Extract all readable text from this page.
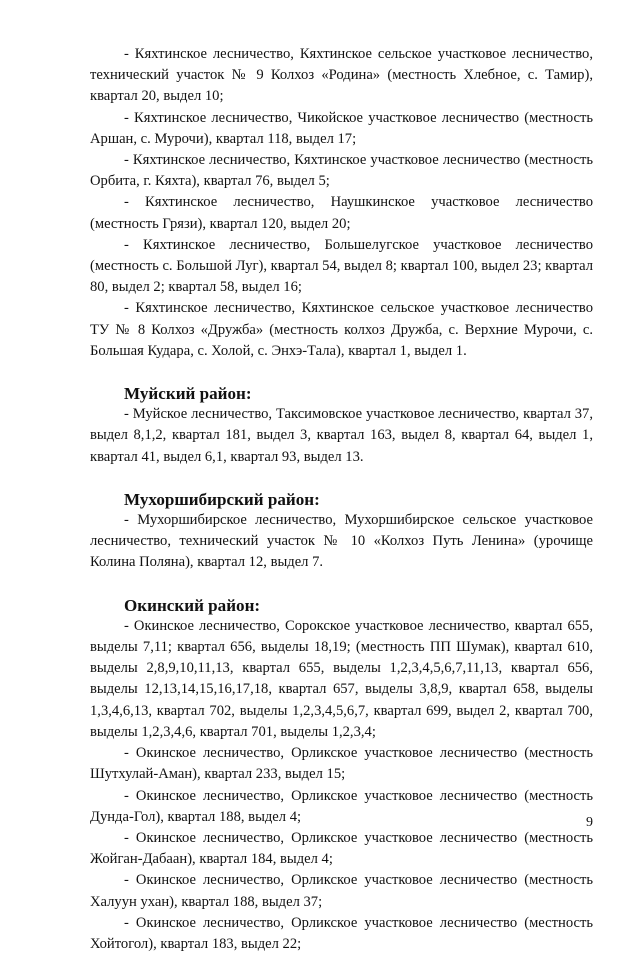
- Кяхтинское лесничество, Кяхтинское сельское участковое лесничество, технический участок № 9 Колхоз «Родина» (местность Хлебное, с. Тамир), квартал 20, выдел 10;

- Кяхтинское лесничество, Чикойское участковое лесничество (местность Аршан, с. Мурочи), квартал 118, выдел 17;

- Кяхтинское лесничество, Кяхтинское участковое лесничество (местность Орбита, г. Кяхта), квартал 76, выдел 5;

- Кяхтинское лесничество, Наушкинское участковое лесничество (местность Грязи), квартал 120, выдел 20;

- Кяхтинское лесничество, Большелугское участковое лесничество (местность с. Большой Луг), квартал 54, выдел 8; квартал 100, выдел 23; квартал 80, выдел 2; квартал 58, выдел 16;

- Кяхтинское лесничество, Кяхтинское сельское участковое лесничество ТУ № 8 Колхоз «Дружба» (местность колхоз Дружба, с. Верхние Мурочи, с. Большая Кудара, с. Холой, с. Энхэ-Тала), квартал 1, выдел 1.

Муйский район:

- Муйское лесничество, Таксимовское участковое лесничество, квартал 37, выдел 8,1,2, квартал 181, выдел 3, квартал 163, выдел 8, квартал 64, выдел 1, квартал 41, выдел 6,1, квартал 93, выдел 13.

Мухоршибирский район:

- Мухоршибирское лесничество, Мухоршибирское сельское участковое лесничество, технический участок № 10 «Колхоз Путь Ленина» (урочище Колина Поляна), квартал 12, выдел 7.

Окинский район:

- Окинское лесничество, Сорокское участковое лесничество, квартал 655, выделы 7,11; квартал 656, выделы 18,19; (местность ПП Шумак), квартал 610, выделы 2,8,9,10,11,13, квартал 655, выделы 1,2,3,4,5,6,7,11,13, квартал 656, выделы 12,13,14,15,16,17,18, квартал 657, выделы 3,8,9, квартал 658, выделы 1,3,4,6,13, квартал 702, выделы 1,2,3,4,5,6,7, квартал 699, выдел 2, квартал 700, выделы 1,2,3,4,6, квартал 701, выделы 1,2,3,4;

- Окинское лесничество, Орликское участковое лесничество (местность Шутхулай-Аман), квартал 233, выдел 15;

- Окинское лесничество, Орликское участковое лесничество (местность Дунда-Гол), квартал 188, выдел 4;

- Окинское лесничество, Орликское участковое лесничество (местность Жойган-Дабаан), квартал 184, выдел 4;

- Окинское лесничество, Орликское участковое лесничество (местность Халуун ухан), квартал 188, выдел 37;

- Окинское лесничество, Орликское участковое лесничество (местность Хойтогол), квартал 183, выдел 22;

9
